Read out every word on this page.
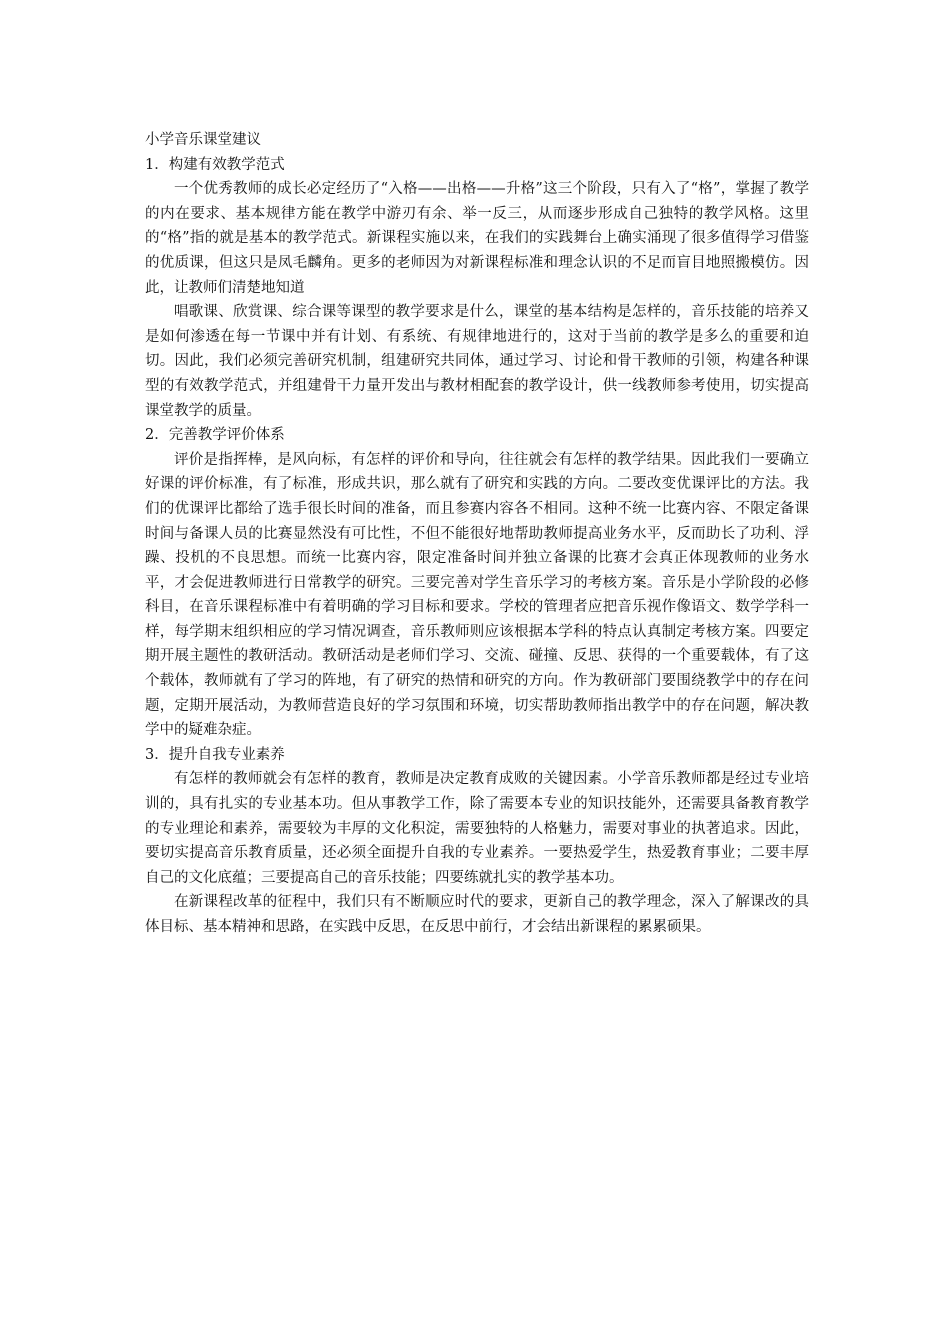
小学音乐课堂建议
1．构建有效教学范式

一个优秀教师的成长必定经历了“入格——出格——升格”这三个阶段，只有入了“格”，掌握了教学的内在要求、基本规律方能在教学中游刃有余、举一反三，从而逐步形成自己独特的教学风格。这里的“格”指的就是基本的教学范式。新课程实施以来，在我们的实践舞台上确实涌现了很多值得学习借鉴的优质课，但这只是凤毛麟角。更多的老师因为对新课程标准和理念认识的不足而盲目地照搬模仿。因此，让教师们清楚地知道

唱歌课、欣赏课、综合课等课型的教学要求是什么，课堂的基本结构是怎样的，音乐技能的培养又是如何渗透在每一节课中并有计划、有系统、有规律地进行的，这对于当前的教学是多么的重要和迫切。因此，我们必须完善研究机制，组建研究共同体，通过学习、讨论和骨干教师的引领，构建各种课型的有效教学范式，并组建骨干力量开发出与教材相配套的教学设计，供一线教师参考使用，切实提高课堂教学的质量。

2．完善教学评价体系

评价是指挥棒，是风向标，有怎样的评价和导向，往往就会有怎样的教学结果。因此我们一要确立好课的评价标准，有了标准，形成共识，那么就有了研究和实践的方向。二要改变优课评比的方法。我们的优课评比都给了选手很长时间的准备，而且参赛内容各不相同。这种不统一比赛内容、不限定备课时间与备课人员的比赛显然没有可比性，不但不能很好地帮助教师提高业务水平，反而助长了功利、浮躁、投机的不良思想。而统一比赛内容，限定准备时间并独立备课的比赛才会真正体现教师的业务水平，才会促进教师进行日常教学的研究。三要完善对学生音乐学习的考核方案。音乐是小学阶段的必修科目，在音乐课程标准中有着明确的学习目标和要求。学校的管理者应把音乐视作像语文、数学学科一样，每学期末组织相应的学习情况调查，音乐教师则应该根据本学科的特点认真制定考核方案。四要定期开展主题性的教研活动。教研活动是老师们学习、交流、碰撞、反思、获得的一个重要载体，有了这个载体，教师就有了学习的阵地，有了研究的热情和研究的方向。作为教研部门要围绕教学中的存在问题，定期开展活动，为教师营造良好的学习氛围和环境，切实帮助教师指出教学中的存在问题，解决教学中的疑难杂症。

3．提升自我专业素养

有怎样的教师就会有怎样的教育，教师是决定教育成败的关键因素。小学音乐教师都是经过专业培训的，具有扎实的专业基本功。但从事教学工作，除了需要本专业的知识技能外，还需要具备教育教学的专业理论和素养，需要较为丰厚的文化积淀，需要独特的人格魅力，需要对事业的执著追求。因此，要切实提高音乐教育质量，还必须全面提升自我的专业素养。一要热爱学生，热爱教育事业；二要丰厚自己的文化底蕴；三要提高自己的音乐技能；四要练就扎实的教学基本功。

在新课程改革的征程中，我们只有不断顺应时代的要求，更新自己的教学理念，深入了解课改的具体目标、基本精神和思路，在实践中反思，在反思中前行，才会结出新课程的累累硕果。
